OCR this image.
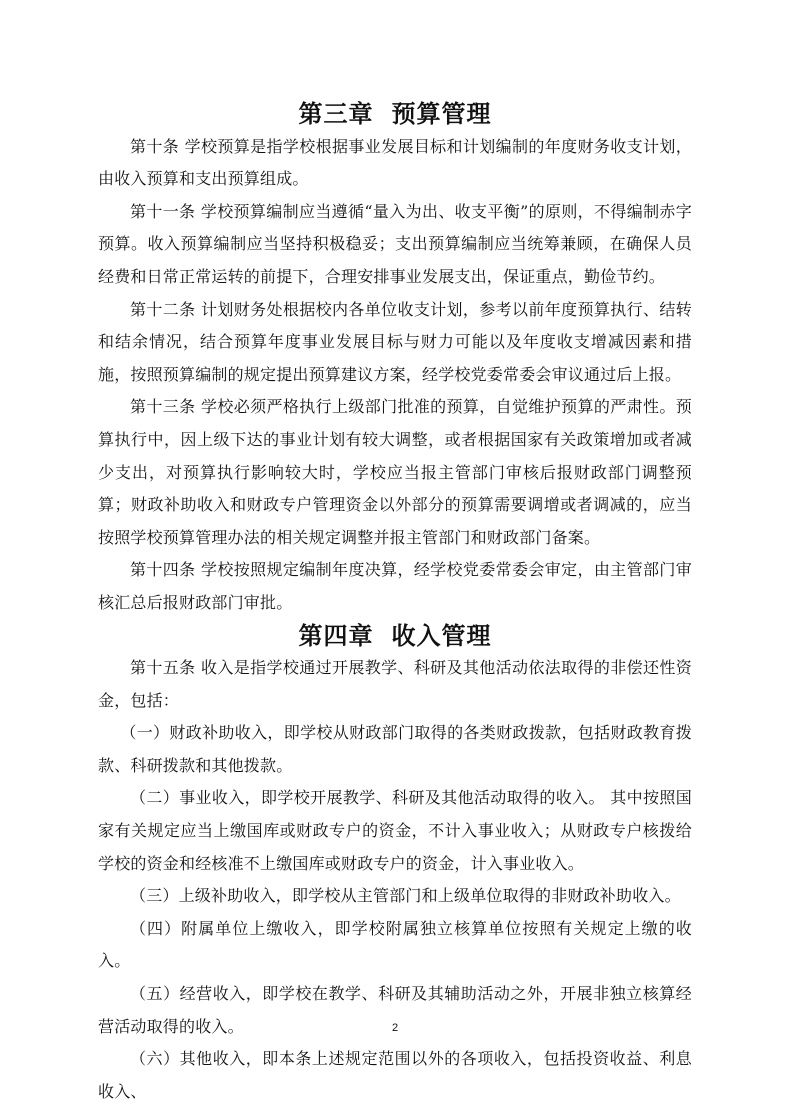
第三章 预算管理

第十条 学校预算是指学校根据事业发展目标和计划编制的年度财务收支计划，由收入预算和支出预算组成。

第十一条 学校预算编制应当遵循“量入为出、收支平衡”的原则，不得编制赤字预算。收入预算编制应当坚持积极稳妥；支出预算编制应当统筹兼顾，在确保人员经费和日常正常运转的前提下，合理安排事业发展支出，保证重点，勤俭节约。

第十二条 计划财务处根据校内各单位收支计划，参考以前年度预算执行、结转和结余情况，结合预算年度事业发展目标与财力可能以及年度收支增减因素和措施，按照预算编制的规定提出预算建议方案，经学校党委常委会审议通过后上报。

第十三条 学校必须严格执行上级部门批准的预算，自觉维护预算的严肃性。预算执行中，因上级下达的事业计划有较大调整，或者根据国家有关政策增加或者减少支出，对预算执行影响较大时，学校应当报主管部门审核后报财政部门调整预算；财政补助收入和财政专户管理资金以外部分的预算需要调增或者调减的，应当按照学校预算管理办法的相关规定调整并报主管部门和财政部门备案。

第十四条 学校按照规定编制年度决算，经学校党委常委会审定，由主管部门审核汇总后报财政部门审批。

第四章 收入管理

第十五条 收入是指学校通过开展教学、科研及其他活动依法取得的非偿还性资金，包括：

（一）财政补助收入，即学校从财政部门取得的各类财政拨款，包括财政教育拨款、科研拨款和其他拨款。

（二）事业收入，即学校开展教学、科研及其他活动取得的收入。 其中按照国家有关规定应当上缴国库或财政专户的资金，不计入事业收入；从财政专户核拨给学校的资金和经核准不上缴国库或财政专户的资金，计入事业收入。

（三）上级补助收入，即学校从主管部门和上级单位取得的非财政补助收入。

（四）附属单位上缴收入，即学校附属独立核算单位按照有关规定上缴的收入。

（五）经营收入，即学校在教学、科研及其辅助活动之外，开展非独立核算经营活动取得的收入。

（六）其他收入，即本条上述规定范围以外的各项收入，包括投资收益、利息收入、

2
